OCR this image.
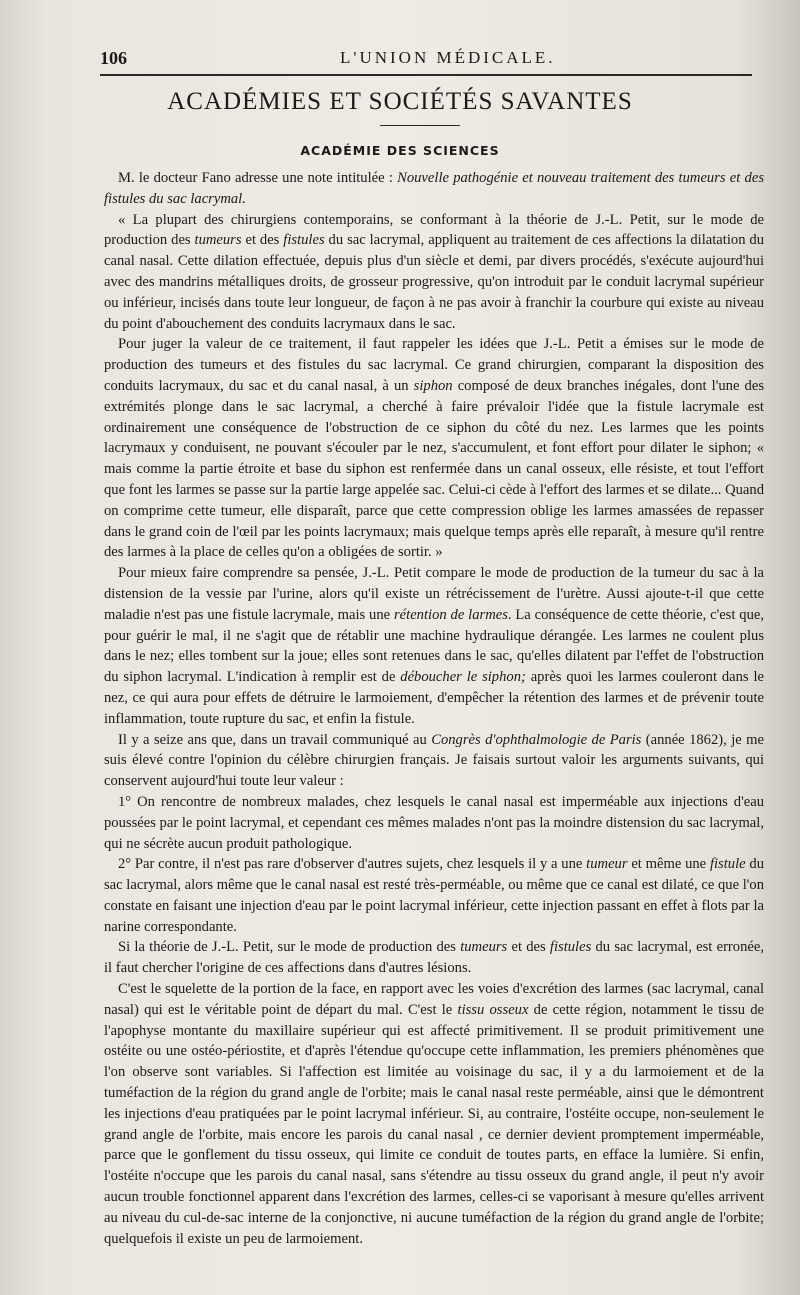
106	L'UNION MÉDICALE.
ACADÉMIES ET SOCIÉTÉS SAVANTES
ACADÉMIE DES SCIENCES

M. le docteur Fano adresse une note intitulée : Nouvelle pathogénie et nouveau traitement des tumeurs et des fistules du sac lacrymal.

« La plupart des chirurgiens contemporains, se conformant à la théorie de J.-L. Petit, sur le mode de production des tumeurs et des fistules du sac lacrymal, appliquent au traitement de ces affections la dilatation du canal nasal. Cette dilation effectuée, depuis plus d'un siècle et demi, par divers procédés, s'exécute aujourd'hui avec des mandrins métalliques droits, de grosseur progressive, qu'on introduit par le conduit lacrymal supérieur ou inférieur, incisés dans toute leur longueur, de façon à ne pas avoir à franchir la courbure qui existe au niveau du point d'abouchement des conduits lacrymaux dans le sac.

Pour juger la valeur de ce traitement, il faut rappeler les idées que J.-L. Petit a émises sur le mode de production des tumeurs et des fistules du sac lacrymal. Ce grand chirurgien, comparant la disposition des conduits lacrymaux, du sac et du canal nasal, à un siphon composé de deux branches inégales, dont l'une des extrémités plonge dans le sac lacrymal, a cherché à faire prévaloir l'idée que la fistule lacrymale est ordinairement une conséquence de l'obstruction de ce siphon du côté du nez. Les larmes que les points lacrymaux y conduisent, ne pouvant s'écouler par le nez, s'accumulent, et font effort pour dilater le siphon; « mais comme la partie étroite et base du siphon est renfermée dans un canal osseux, elle résiste, et tout l'effort que font les larmes se passe sur la partie large appelée sac. Celui-ci cède à l'effort des larmes et se dilate... Quand on comprime cette tumeur, elle disparaît, parce que cette compression oblige les larmes amassées de repasser dans le grand coin de l'œil par les points lacrymaux; mais quelque temps après elle reparaît, à mesure qu'il rentre des larmes à la place de celles qu'on a obligées de sortir. »

Pour mieux faire comprendre sa pensée, J.-L. Petit compare le mode de production de la tumeur du sac à la distension de la vessie par l'urine, alors qu'il existe un rétrécissement de l'urètre. Aussi ajoute-t-il que cette maladie n'est pas une fistule lacrymale, mais une rétention de larmes. La conséquence de cette théorie, c'est que, pour guérir le mal, il ne s'agit que de rétablir une machine hydraulique dérangée. Les larmes ne coulent plus dans le nez; elles tombent sur la joue; elles sont retenues dans le sac, qu'elles dilatent par l'effet de l'obstruction du siphon lacrymal. L'indication à remplir est de déboucher le siphon; après quoi les larmes couleront dans le nez, ce qui aura pour effets de détruire le larmoiement, d'empêcher la rétention des larmes et de prévenir toute inflammation, toute rupture du sac, et enfin la fistule.

Il y a seize ans que, dans un travail communiqué au Congrès d'ophthalmologie de Paris (année 1862), je me suis élevé contre l'opinion du célèbre chirurgien français. Je faisais surtout valoir les arguments suivants, qui conservent aujourd'hui toute leur valeur :

1° On rencontre de nombreux malades, chez lesquels le canal nasal est imperméable aux injections d'eau poussées par le point lacrymal, et cependant ces mêmes malades n'ont pas la moindre distension du sac lacrymal, qui ne sécrète aucun produit pathologique.

2° Par contre, il n'est pas rare d'observer d'autres sujets, chez lesquels il y a une tumeur et même une fistule du sac lacrymal, alors même que le canal nasal est resté très-perméable, ou même que ce canal est dilaté, ce que l'on constate en faisant une injection d'eau par le point lacrymal inférieur, cette injection passant en effet à flots par la narine correspondante.

Si la théorie de J.-L. Petit, sur le mode de production des tumeurs et des fistules du sac lacrymal, est erronée, il faut chercher l'origine de ces affections dans d'autres lésions.

C'est le squelette de la portion de la face, en rapport avec les voies d'excrétion des larmes (sac lacrymal, canal nasal) qui est le véritable point de départ du mal. C'est le tissu osseux de cette région, notamment le tissu de l'apophyse montante du maxillaire supérieur qui est affecté primitivement. Il se produit primitivement une ostéite ou une ostéo-périostite, et d'après l'étendue qu'occupe cette inflammation, les premiers phénomènes que l'on observe sont variables. Si l'affection est limitée au voisinage du sac, il y a du larmoiement et de la tuméfaction de la région du grand angle de l'orbite; mais le canal nasal reste perméable, ainsi que le démontrent les injections d'eau pratiquées par le point lacrymal inférieur. Si, au contraire, l'ostéite occupe, non-seulement le grand angle de l'orbite, mais encore les parois du canal nasal , ce dernier devient promptement imperméable, parce que le gonflement du tissu osseux, qui limite ce conduit de toutes parts, en efface la lumière. Si enfin, l'ostéite n'occupe que les parois du canal nasal, sans s'étendre au tissu osseux du grand angle, il peut n'y avoir aucun trouble fonctionnel apparent dans l'excrétion des larmes, celles-ci se vaporisant à mesure qu'elles arrivent au niveau du cul-de-sac interne de la conjonctive, ni aucune tuméfaction de la région du grand angle de l'orbite; quelquefois il existe un peu de larmoiement.
